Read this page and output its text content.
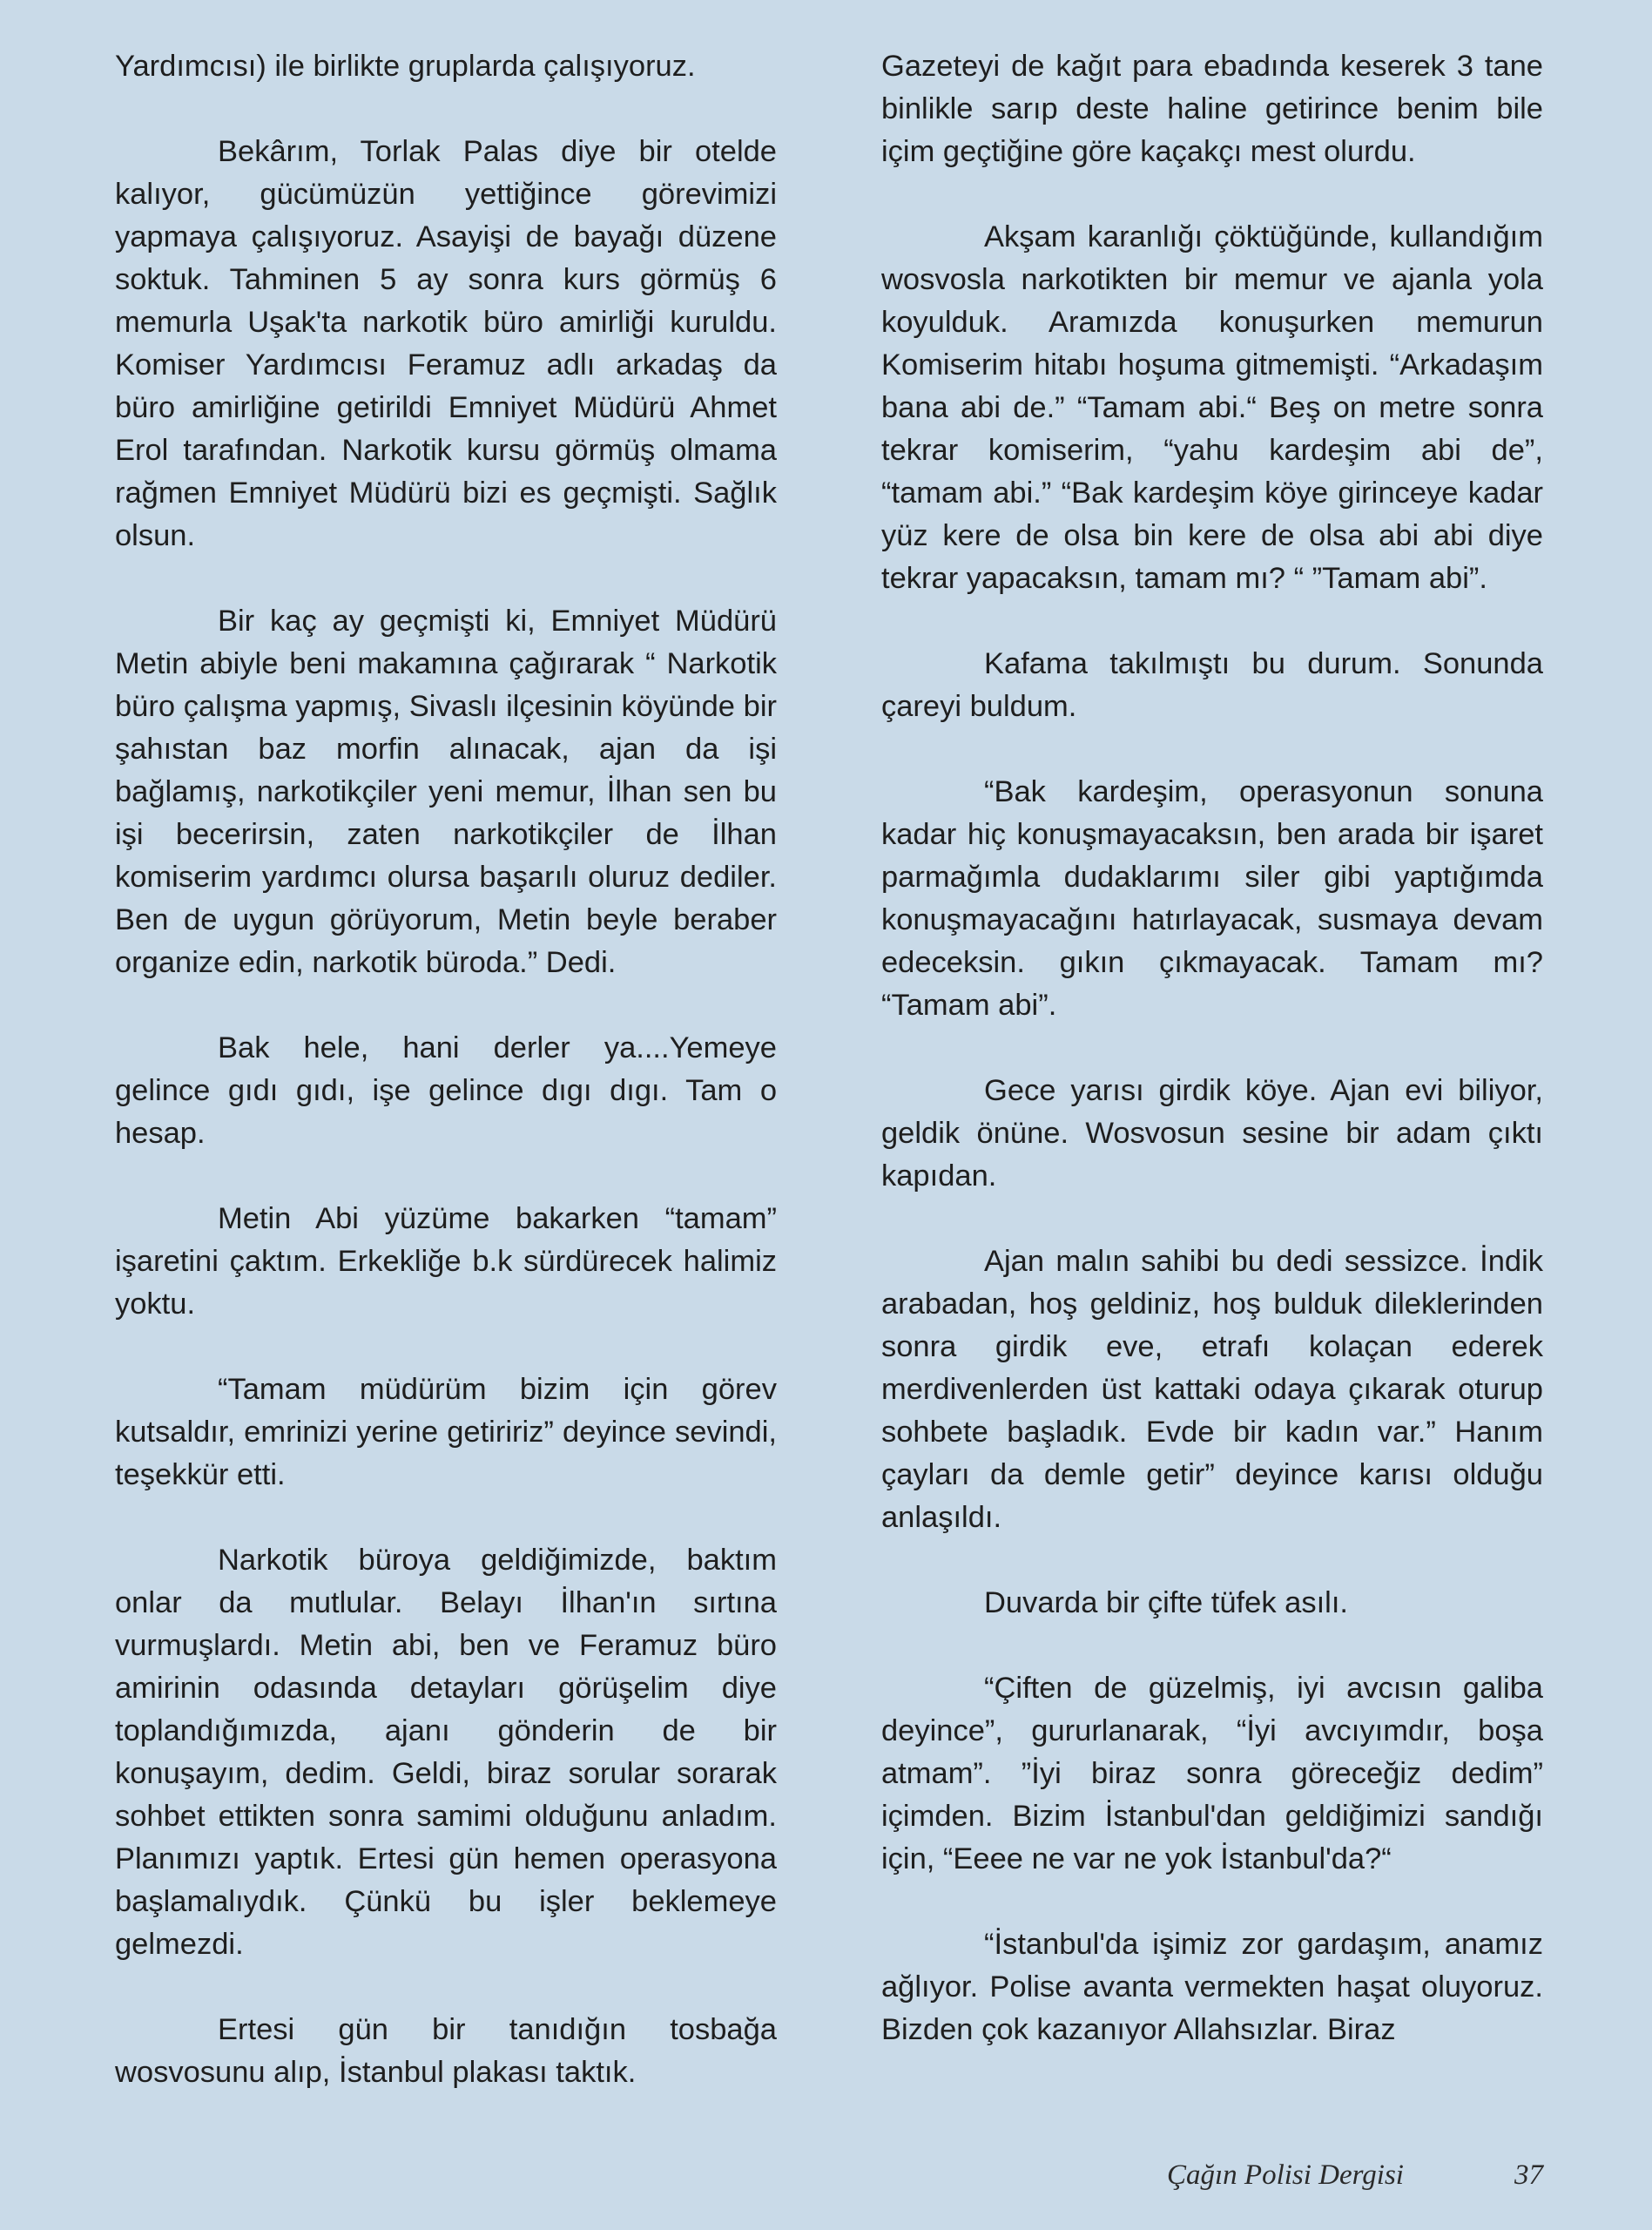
Yardımcısı) ile birlikte gruplarda çalışıyoruz.

Bekârım, Torlak Palas diye bir otelde kalıyor, gücümüzün yettiğince görevimizi yapmaya çalışıyoruz. Asayişi de bayağı düzene soktuk. Tahminen 5 ay sonra kurs görmüş 6 memurla Uşak'ta narkotik büro amirliği kuruldu. Komiser Yardımcısı Feramuz adlı arkadaş da büro amirliğine getirildi Emniyet Müdürü Ahmet Erol tarafından. Narkotik kursu görmüş olmama rağmen Emniyet Müdürü bizi es geçmişti. Sağlık olsun.

Bir kaç ay geçmişti ki, Emniyet Müdürü Metin abiyle beni makamına çağırarak “ Narkotik büro çalışma yapmış, Sivaslı ilçesinin köyünde bir şahıstan baz morfin alınacak, ajan da işi bağlamış, narkotikçiler yeni memur, İlhan sen bu işi becerirsin, zaten narkotikçiler de İlhan komiserim yardımcı olursa başarılı oluruz dediler. Ben de uygun görüyorum, Metin beyle beraber organize edin, narkotik büroda.” Dedi.

Bak hele, hani derler ya....Yemeye gelince gıdı gıdı, işe gelince dıgı dıgı. Tam o hesap.

Metin Abi yüzüme bakarken “tamam” işaretini çaktım. Erkekliğe b.k sürdürecek halimiz yoktu.

“Tamam müdürüm bizim için görev kutsaldır, emrinizi yerine getiririz” deyince sevindi, teşekkür etti.

Narkotik büroya geldiğimizde, baktım onlar da mutlular. Belayı İlhan'ın sırtına vurmuşlardı. Metin abi, ben ve Feramuz büro amirinin odasında detayları görüşelim diye toplandığımızda, ajanı gönderin de bir konuşayım, dedim. Geldi, biraz sorular sorarak sohbet ettikten sonra samimi olduğunu anladım. Planımızı yaptık. Ertesi gün hemen operasyona başlamalıydık. Çünkü bu işler beklemeye gelmezdi.

Ertesi gün bir tanıdığın tosbağa wosvosunu alıp, İstanbul plakası taktık.

Gazeteyi de kağıt para ebadında keserek 3 tane binlikle sarıp deste haline getirince benim bile içim geçtiğine göre kaçakçı mest olurdu.

Akşam karanlığı çöktüğünde, kullandığım wosvosla narkotikten bir memur ve ajanla yola koyulduk. Aramızda konuşurken memurun Komiserim hitabı hoşuma gitmemişti. “Arkadaşım bana abi de.” “Tamam abi.“ Beş on metre sonra tekrar komiserim, “yahu kardeşim abi de”, “tamam abi.” “Bak kardeşim köye girinceye kadar yüz kere de olsa bin kere de olsa abi abi diye tekrar yapacaksın, tamam mı? “ ”Tamam abi”.

Kafama takılmıştı bu durum. Sonunda çareyi buldum.

“Bak kardeşim, operasyonun sonuna kadar hiç konuşmayacaksın, ben arada bir işaret parmağımla dudaklarımı siler gibi yaptığımda konuşmayacağını hatırlayacak, susmaya devam edeceksin. gıkın çıkmayacak. Tamam mı? “Tamam abi”.

Gece yarısı girdik köye. Ajan evi biliyor, geldik önüne. Wosvosun sesine bir adam çıktı kapıdan.

Ajan malın sahibi bu dedi sessizce. İndik arabadan, hoş geldiniz, hoş bulduk dileklerinden sonra girdik eve, etrafı kolaçan ederek merdivenlerden üst kattaki odaya çıkarak oturup sohbete başladık. Evde bir kadın var.” Hanım çayları da demle getir” deyince karısı olduğu anlaşıldı.

Duvarda bir çifte tüfek asılı.

“Çiften de güzelmiş, iyi avcısın galiba deyince”, gururlanarak, “İyi avcıyımdır, boşa atmam”. ”İyi biraz sonra göreceğiz dedim” içimden. Bizim İstanbul'dan geldiğimizi sandığı için, “Eeee ne var ne yok İstanbul'da?“

“İstanbul'da işimiz zor gardaşım, anamız ağlıyor. Polise avanta vermekten haşat oluyoruz. Bizden çok kazanıyor Allahsızlar. Biraz

Çağın Polisi Dergisi	37
